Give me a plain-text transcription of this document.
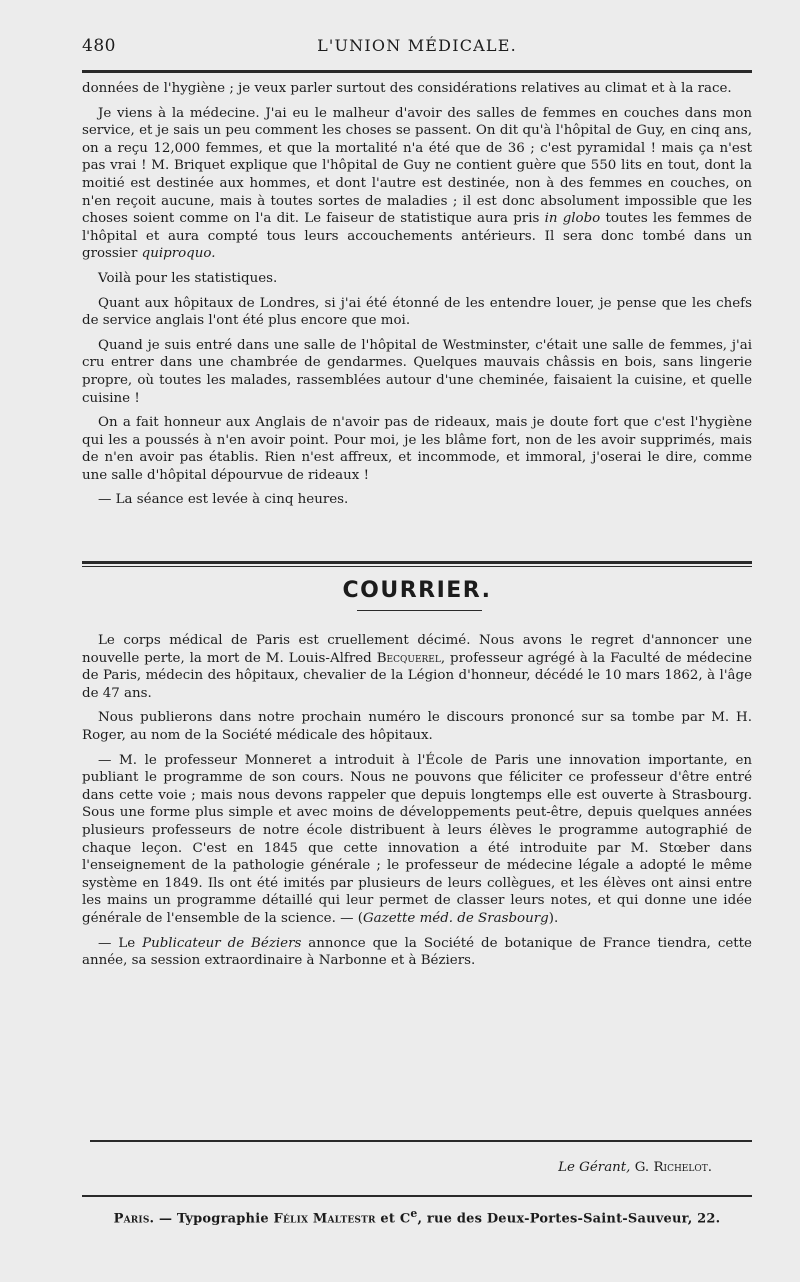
480	L'UNION MÉDICALE.

données de l'hygiène ; je veux parler surtout des considérations relatives au climat et à la race.

Je viens à la médecine. J'ai eu le malheur d'avoir des salles de femmes en couches dans mon service, et je sais un peu comment les choses se passent. On dit qu'à l'hôpital de Guy, en cinq ans, on a reçu 12,000 femmes, et que la mortalité n'a été que de 36 ; c'est pyramidal ! mais ça n'est pas vrai ! M. Briquet explique que l'hôpital de Guy ne contient guère que 550 lits en tout, dont la moitié est destinée aux hommes, et dont l'autre est destinée, non à des femmes en couches, on n'en reçoit aucune, mais à toutes sortes de maladies ; il est donc absolument impossible que les choses soient comme on l'a dit. Le faiseur de statistique aura pris in globo toutes les femmes de l'hôpital et aura compté tous leurs accouchements antérieurs. Il sera donc tombé dans un grossier quiproquo.

Voilà pour les statistiques.

Quant aux hôpitaux de Londres, si j'ai été étonné de les entendre louer, je pense que les chefs de service anglais l'ont été plus encore que moi.

Quand je suis entré dans une salle de l'hôpital de Westminster, c'était une salle de femmes, j'ai cru entrer dans une chambrée de gendarmes. Quelques mauvais châssis en bois, sans lingerie propre, où toutes les malades, rassemblées autour d'une cheminée, faisaient la cuisine, et quelle cuisine !

On a fait honneur aux Anglais de n'avoir pas de rideaux, mais je doute fort que c'est l'hygiène qui les a poussés à n'en avoir point. Pour moi, je les blâme fort, non de les avoir supprimés, mais de n'en avoir pas établis. Rien n'est affreux, et incommode, et immoral, j'oserai le dire, comme une salle d'hôpital dépourvue de rideaux !

— La séance est levée à cinq heures.

COURRIER.

Le corps médical de Paris est cruellement décimé. Nous avons le regret d'annoncer une nouvelle perte, la mort de M. Louis-Alfred Becquerel, professeur agrégé à la Faculté de médecine de Paris, médecin des hôpitaux, chevalier de la Légion d'honneur, décédé le 10 mars 1862, à l'âge de 47 ans.

Nous publierons dans notre prochain numéro le discours prononcé sur sa tombe par M. H. Roger, au nom de la Société médicale des hôpitaux.

— M. le professeur Monneret a introduit à l'École de Paris une innovation importante, en publiant le programme de son cours. Nous ne pouvons que féliciter ce professeur d'être entré dans cette voie ; mais nous devons rappeler que depuis longtemps elle est ouverte à Strasbourg. Sous une forme plus simple et avec moins de développements peut-être, depuis quelques années plusieurs professeurs de notre école distribuent à leurs élèves le programme autographié de chaque leçon. C'est en 1845 que cette innovation a été introduite par M. Stœber dans l'enseignement de la pathologie générale ; le professeur de médecine légale a adopté le même système en 1849. Ils ont été imités par plusieurs de leurs collègues, et les élèves ont ainsi entre les mains un programme détaillé qui leur permet de classer leurs notes, et qui donne une idée générale de l'ensemble de la science. — (Gazette méd. de Srasbourg).

— Le Publicateur de Béziers annonce que la Société de botanique de France tiendra, cette année, sa session extraordinaire à Narbonne et à Béziers.

Le Gérant, G. Richelot.
Paris. — Typographie Félix Maltestr et Ce, rue des Deux-Portes-Saint-Sauveur, 22.
